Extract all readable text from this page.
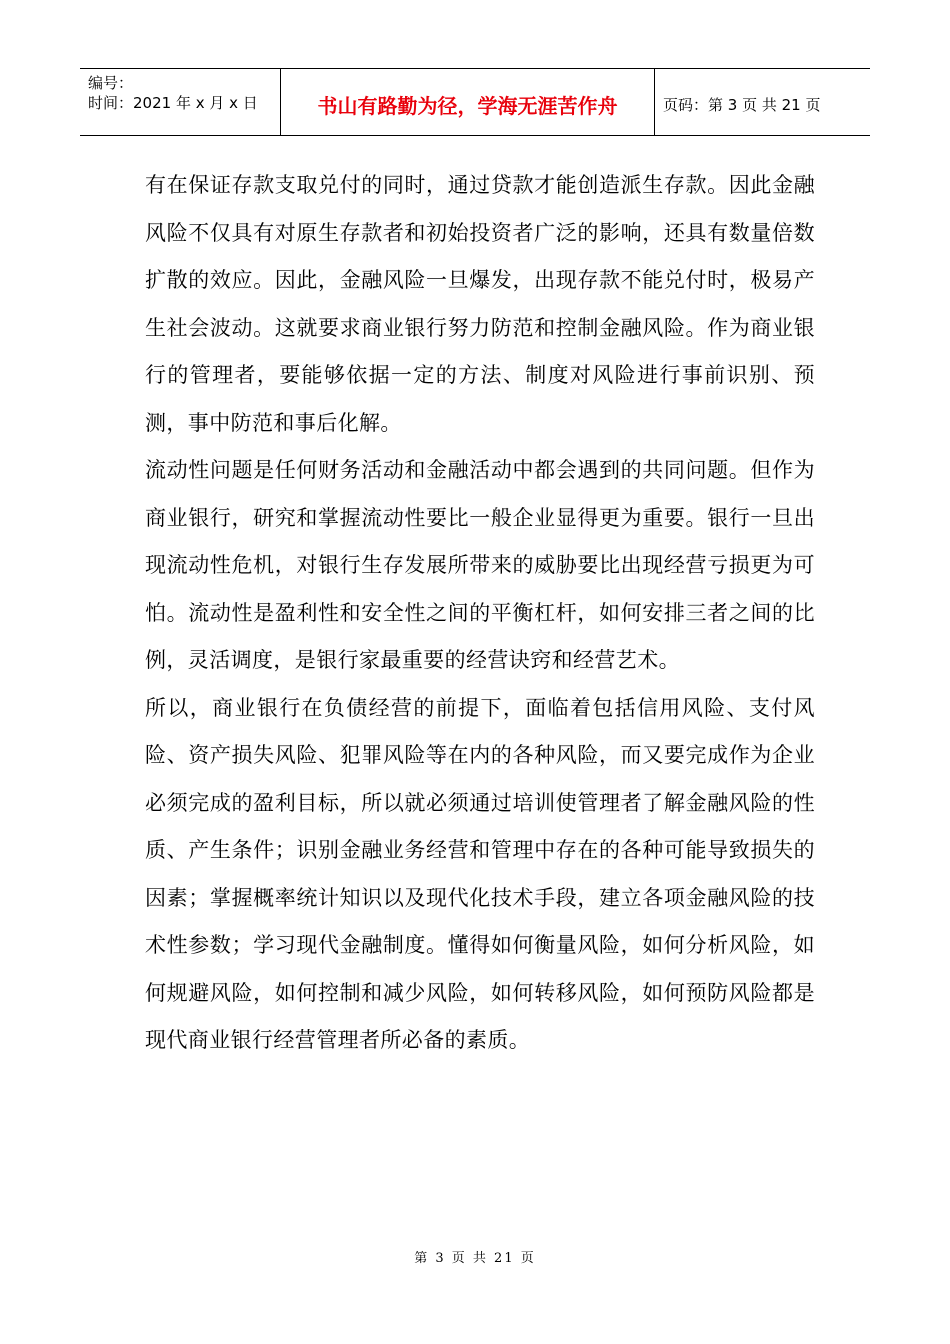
编号：
时间：2021 年 x 月 x 日	书山有路勤为径，学海无涯苦作舟	页码：第 3 页 共 21 页

有在保证存款支取兑付的同时，通过贷款才能创造派生存款。因此金融风险不仅具有对原生存款者和初始投资者广泛的影响，还具有数量倍数扩散的效应。因此，金融风险一旦爆发，出现存款不能兑付时，极易产生社会波动。这就要求商业银行努力防范和控制金融风险。作为商业银行的管理者，要能够依据一定的方法、制度对风险进行事前识别、预测，事中防范和事后化解。

流动性问题是任何财务活动和金融活动中都会遇到的共同问题。但作为商业银行，研究和掌握流动性要比一般企业显得更为重要。银行一旦出现流动性危机，对银行生存发展所带来的威胁要比出现经营亏损更为可怕。流动性是盈利性和安全性之间的平衡杠杆，如何安排三者之间的比例，灵活调度，是银行家最重要的经营诀窍和经营艺术。

所以，商业银行在负债经营的前提下，面临着包括信用风险、支付风险、资产损失风险、犯罪风险等在内的各种风险，而又要完成作为企业必须完成的盈利目标，所以就必须通过培训使管理者了解金融风险的性质、产生条件；识别金融业务经营和管理中存在的各种可能导致损失的因素；掌握概率统计知识以及现代化技术手段，建立各项金融风险的技术性参数；学习现代金融制度。懂得如何衡量风险，如何分析风险，如何规避风险，如何控制和减少风险，如何转移风险，如何预防风险都是现代商业银行经营管理者所必备的素质。

第 3 页 共 21 页
